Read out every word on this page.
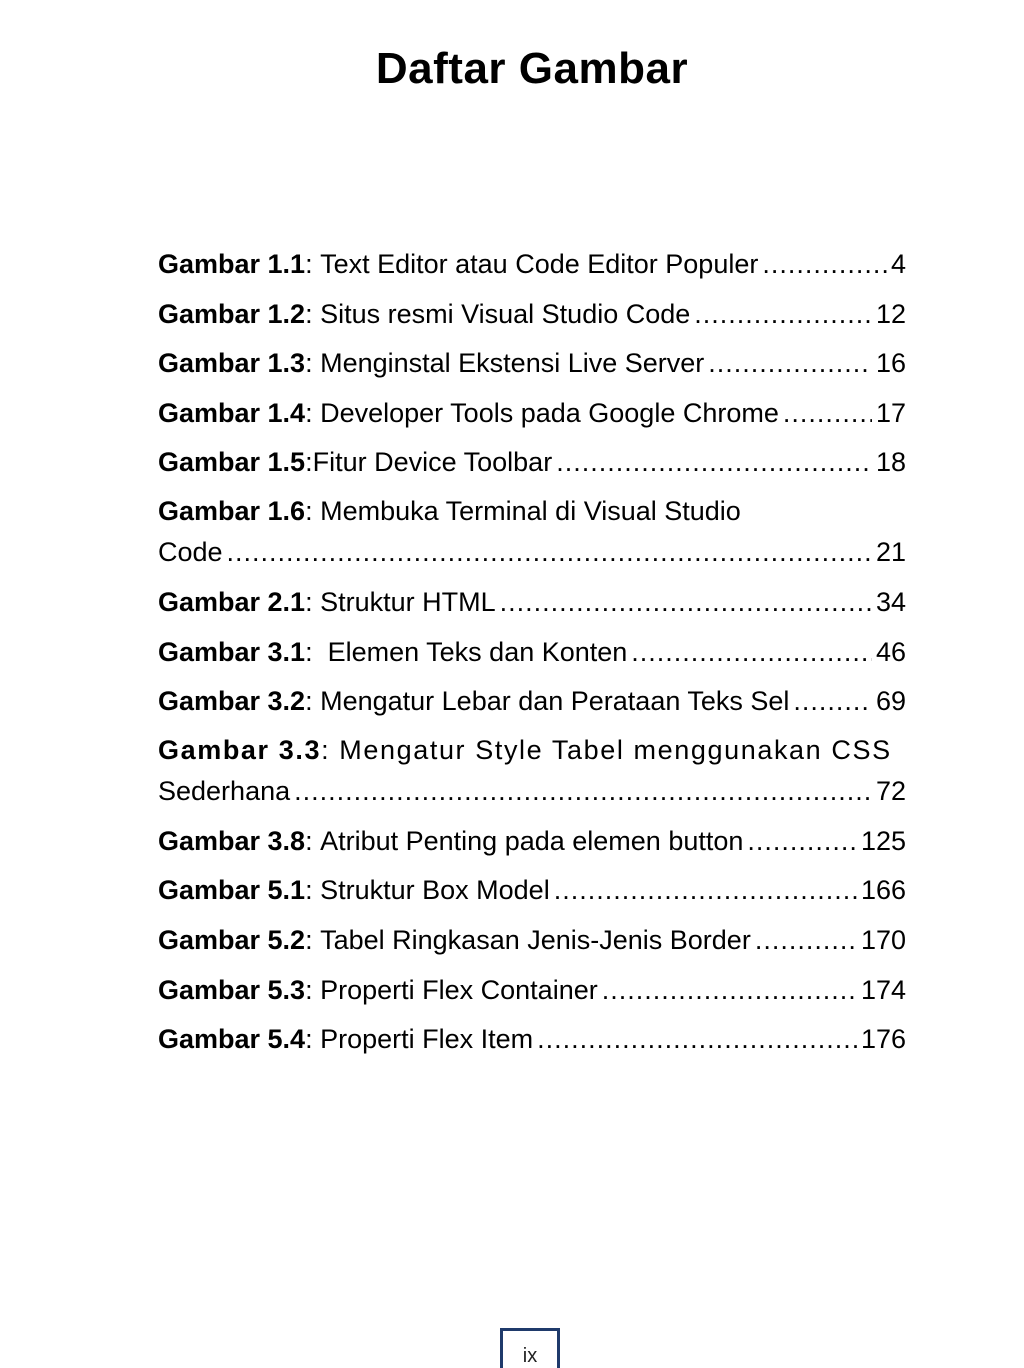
Daftar Gambar
Gambar 1.1 : Text Editor atau Code Editor Populer .....	4
Gambar 1.2 : Situs resmi Visual Studio Code .....	12
Gambar 1.3 : Menginstal Ekstensi Live Server .....	16
Gambar 1.4 : Developer Tools pada Google Chrome .....	17
Gambar 1.5 : Fitur Device Toolbar .....	18
Gambar 1.6: Membuka Terminal di Visual Studio
Code .....	21
Gambar 2.1 : Struktur HTML .....	34
Gambar 3.1 : Elemen Teks dan Konten .....	46
Gambar 3.2 : Mengatur Lebar dan Perataan Teks Sel .....	69
Gambar 3.3: Mengatur Style Tabel menggunakan CSS
Sederhana .....	72
Gambar 3.8 : Atribut Penting pada elemen button .....	125
Gambar 5.1 : Struktur Box Model .....	166
Gambar 5.2 : Tabel Ringkasan Jenis-Jenis Border .....	170
Gambar 5.3 : Properti Flex Container .....	174
Gambar 5.4 : Properti Flex Item .....	176
ix
